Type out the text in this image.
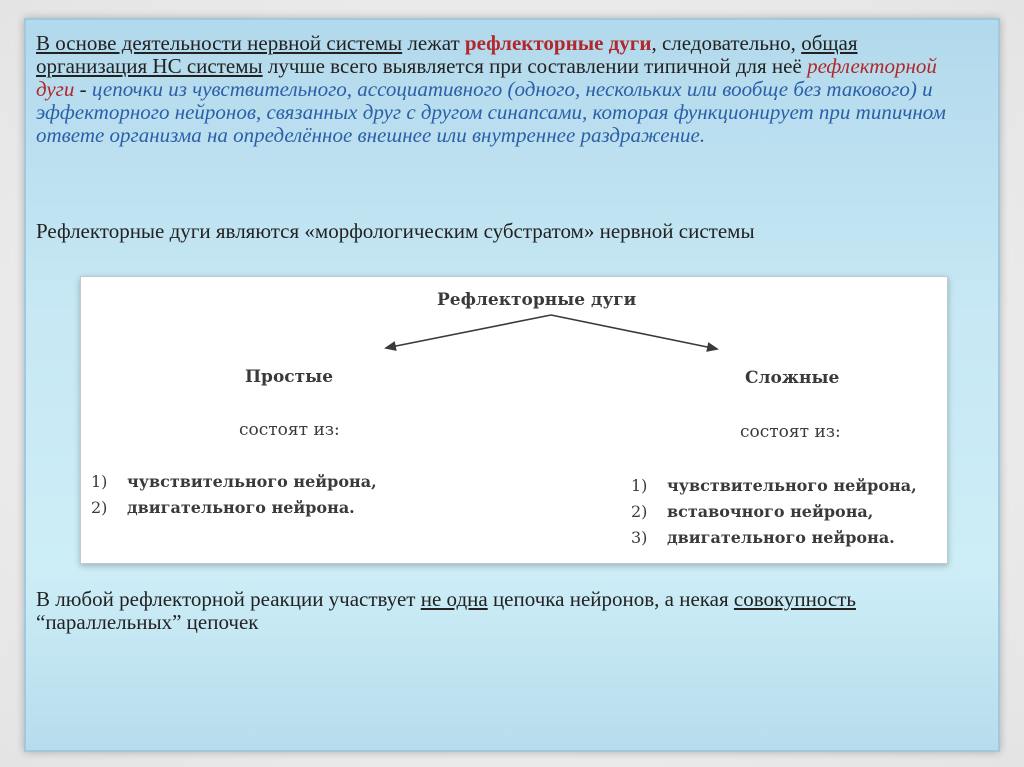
В основе деятельности нервной системы лежат рефлекторные дуги, следовательно, общая организация НС системы лучше всего выявляется при составлении типичной для неё рефлекторной дуги - цепочки из чувствительного, ассоциативного (одного, нескольких или вообще без такового) и эффекторного нейронов, связанных друг с другом синапсами, которая функционирует при типичном ответе организма на определённое внешнее или внутреннее раздражение.
Рефлекторные дуги являются «морфологическим субстратом» нервной системы
Рефлекторные дуги
Простые
состоят из:
1) чувствительного нейрона,
2) двигательного нейрона.
Сложные
состоят из:
1) чувствительного нейрона,
2) вставочного нейрона,
3) двигательного нейрона.
В любой рефлекторной реакции участвует не одна цепочка нейронов, а некая совокупность “параллельных” цепочек
